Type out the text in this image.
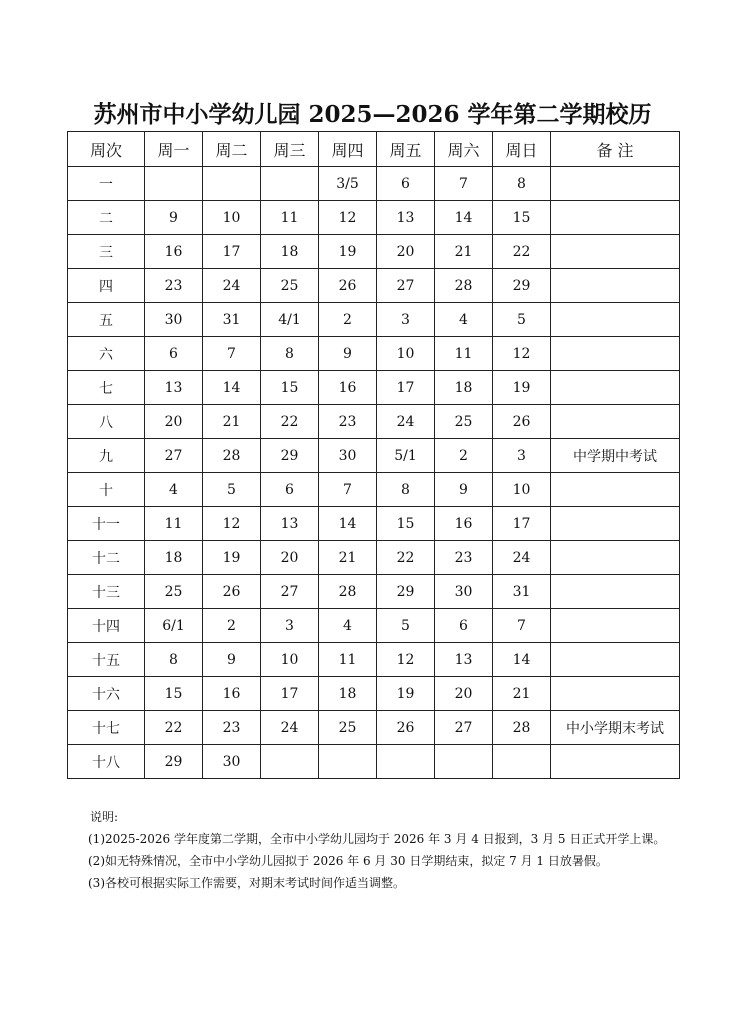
苏州市中小学幼儿园 2025—2026 学年第二学期校历
周次	周一	周二	周三	周四	周五	周六	周日	备 注
一				3/5	6	7	8	
二	9	10	11	12	13	14	15	
三	16	17	18	19	20	21	22	
四	23	24	25	26	27	28	29	
五	30	31	4/1	2	3	4	5	
六	6	7	8	9	10	11	12	
七	13	14	15	16	17	18	19	
八	20	21	22	23	24	25	26	
九	27	28	29	30	5/1	2	3	中学期中考试
十	4	5	6	7	8	9	10	
十一	11	12	13	14	15	16	17	
十二	18	19	20	21	22	23	24	
十三	25	26	27	28	29	30	31	
十四	6/1	2	3	4	5	6	7	
十五	8	9	10	11	12	13	14	
十六	15	16	17	18	19	20	21	
十七	22	23	24	25	26	27	28	中小学期末考试
十八	29	30						

说明:

(1)2025-2026 学年度第二学期，全市中小学幼儿园均于 2026 年 3 月 4 日报到，3 月 5 日正式开学上课。

(2)如无特殊情况，全市中小学幼儿园拟于 2026 年 6 月 30 日学期结束，拟定 7 月 1 日放暑假。

(3)各校可根据实际工作需要，对期末考试时间作适当调整。
